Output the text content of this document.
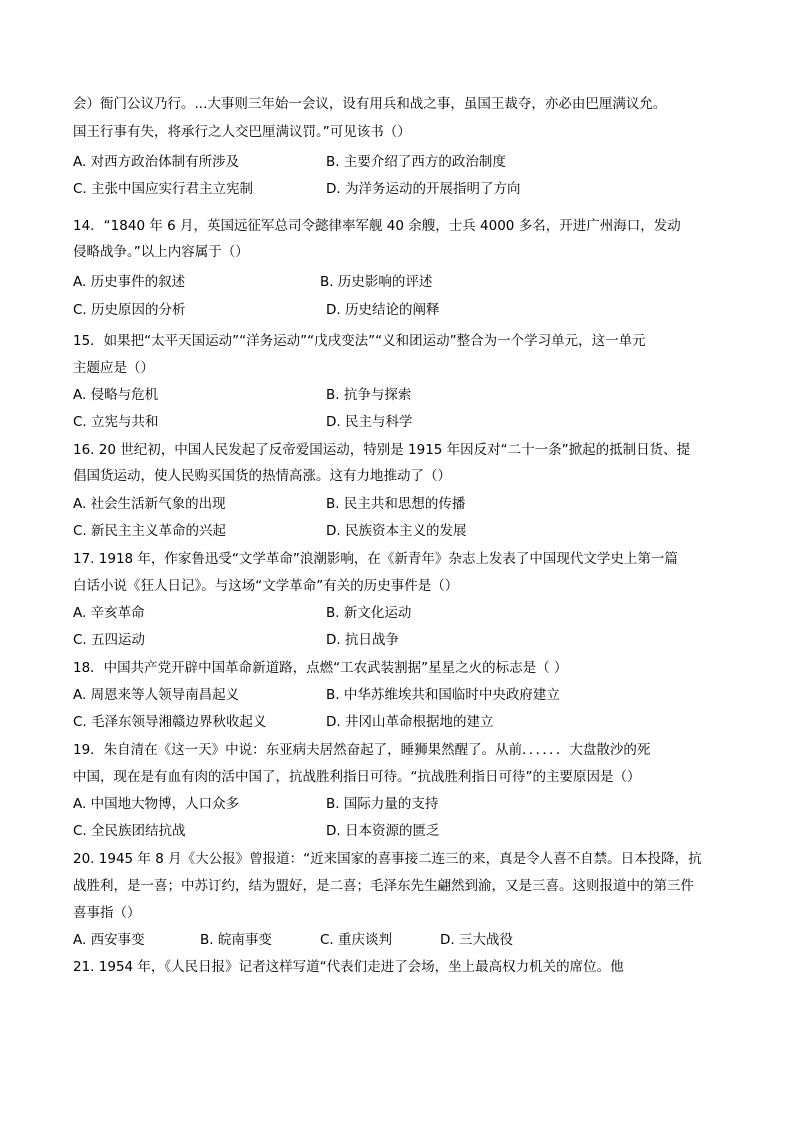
会）衙门公议乃行。...大事则三年始一会议，设有用兵和战之事，虽国王裁夺，亦必由巴厘满议允。
国王行事有失，将承行之人交巴厘满议罚。”可见该书（）
A. 对西方政治体制有所涉及	B. 主要介绍了西方的政治制度
C. 主张中国应实行君主立宪制	D. 为洋务运动的开展指明了方向
14．“1840 年 6 月，英国远征军总司令懿律率军舰 40 余艘，士兵 4000 多名，开进广州海口，发动
侵略战争。”以上内容属于（）
A. 历史事件的叙述	B. 历史影响的评述
C. 历史原因的分析	D. 历史结论的阐释
15．如果把“太平天国运动”“洋务运动”“戊戌变法”“义和团运动”整合为一个学习单元，这一单元
主题应是（）
A. 侵略与危机	B. 抗争与探索
C. 立宪与共和	D. 民主与科学
16. 20 世纪初，中国人民发起了反帝爱国运动，特别是 1915 年因反对“二十一条”掀起的抵制日货、提
倡国货运动，使人民购买国货的热情高涨。这有力地推动了（）
A. 社会生活新气象的出现	B. 民主共和思想的传播
C. 新民主主义革命的兴起	D. 民族资本主义的发展
17. 1918 年，作家鲁迅受“文学革命”浪潮影响，在《新青年》杂志上发表了中国现代文学史上第一篇
白话小说《狂人日记》。与这场“文学革命”有关的历史事件是（）
A. 辛亥革命	B. 新文化运动
C. 五四运动	D. 抗日战争
18．中国共产党开辟中国革命新道路，点燃“工农武装割据”星星之火的标志是（ ）
A. 周恩来等人领导南昌起义	B. 中华苏维埃共和国临时中央政府建立
C. 毛泽东领导湘赣边界秋收起义	D. 井冈山革命根据地的建立
19．朱自清在《这一天》中说：东亚病夫居然奋起了，睡狮果然醒了。从前．．．．．．大盘散沙的死
中国，现在是有血有肉的活中国了，抗战胜利指日可待。“抗战胜利指日可待”的主要原因是（）
A. 中国地大物博，人口众多	B. 国际力量的支持
C. 全民族团结抗战	D. 日本资源的匮乏
20. 1945 年 8 月《大公报》曾报道：“近来国家的喜事接二连三的来，真是令人喜不自禁。日本投降，抗
战胜利，是一喜；中苏订约，结为盟好，是二喜；毛泽东先生翩然到渝，又是三喜。这则报道中的第三件
喜事指（）
A. 西安事变	B. 皖南事变	C. 重庆谈判	D. 三大战役
21. 1954 年，《人民日报》记者这样写道“代表们走进了会场，坐上最高权力机关的席位。他
